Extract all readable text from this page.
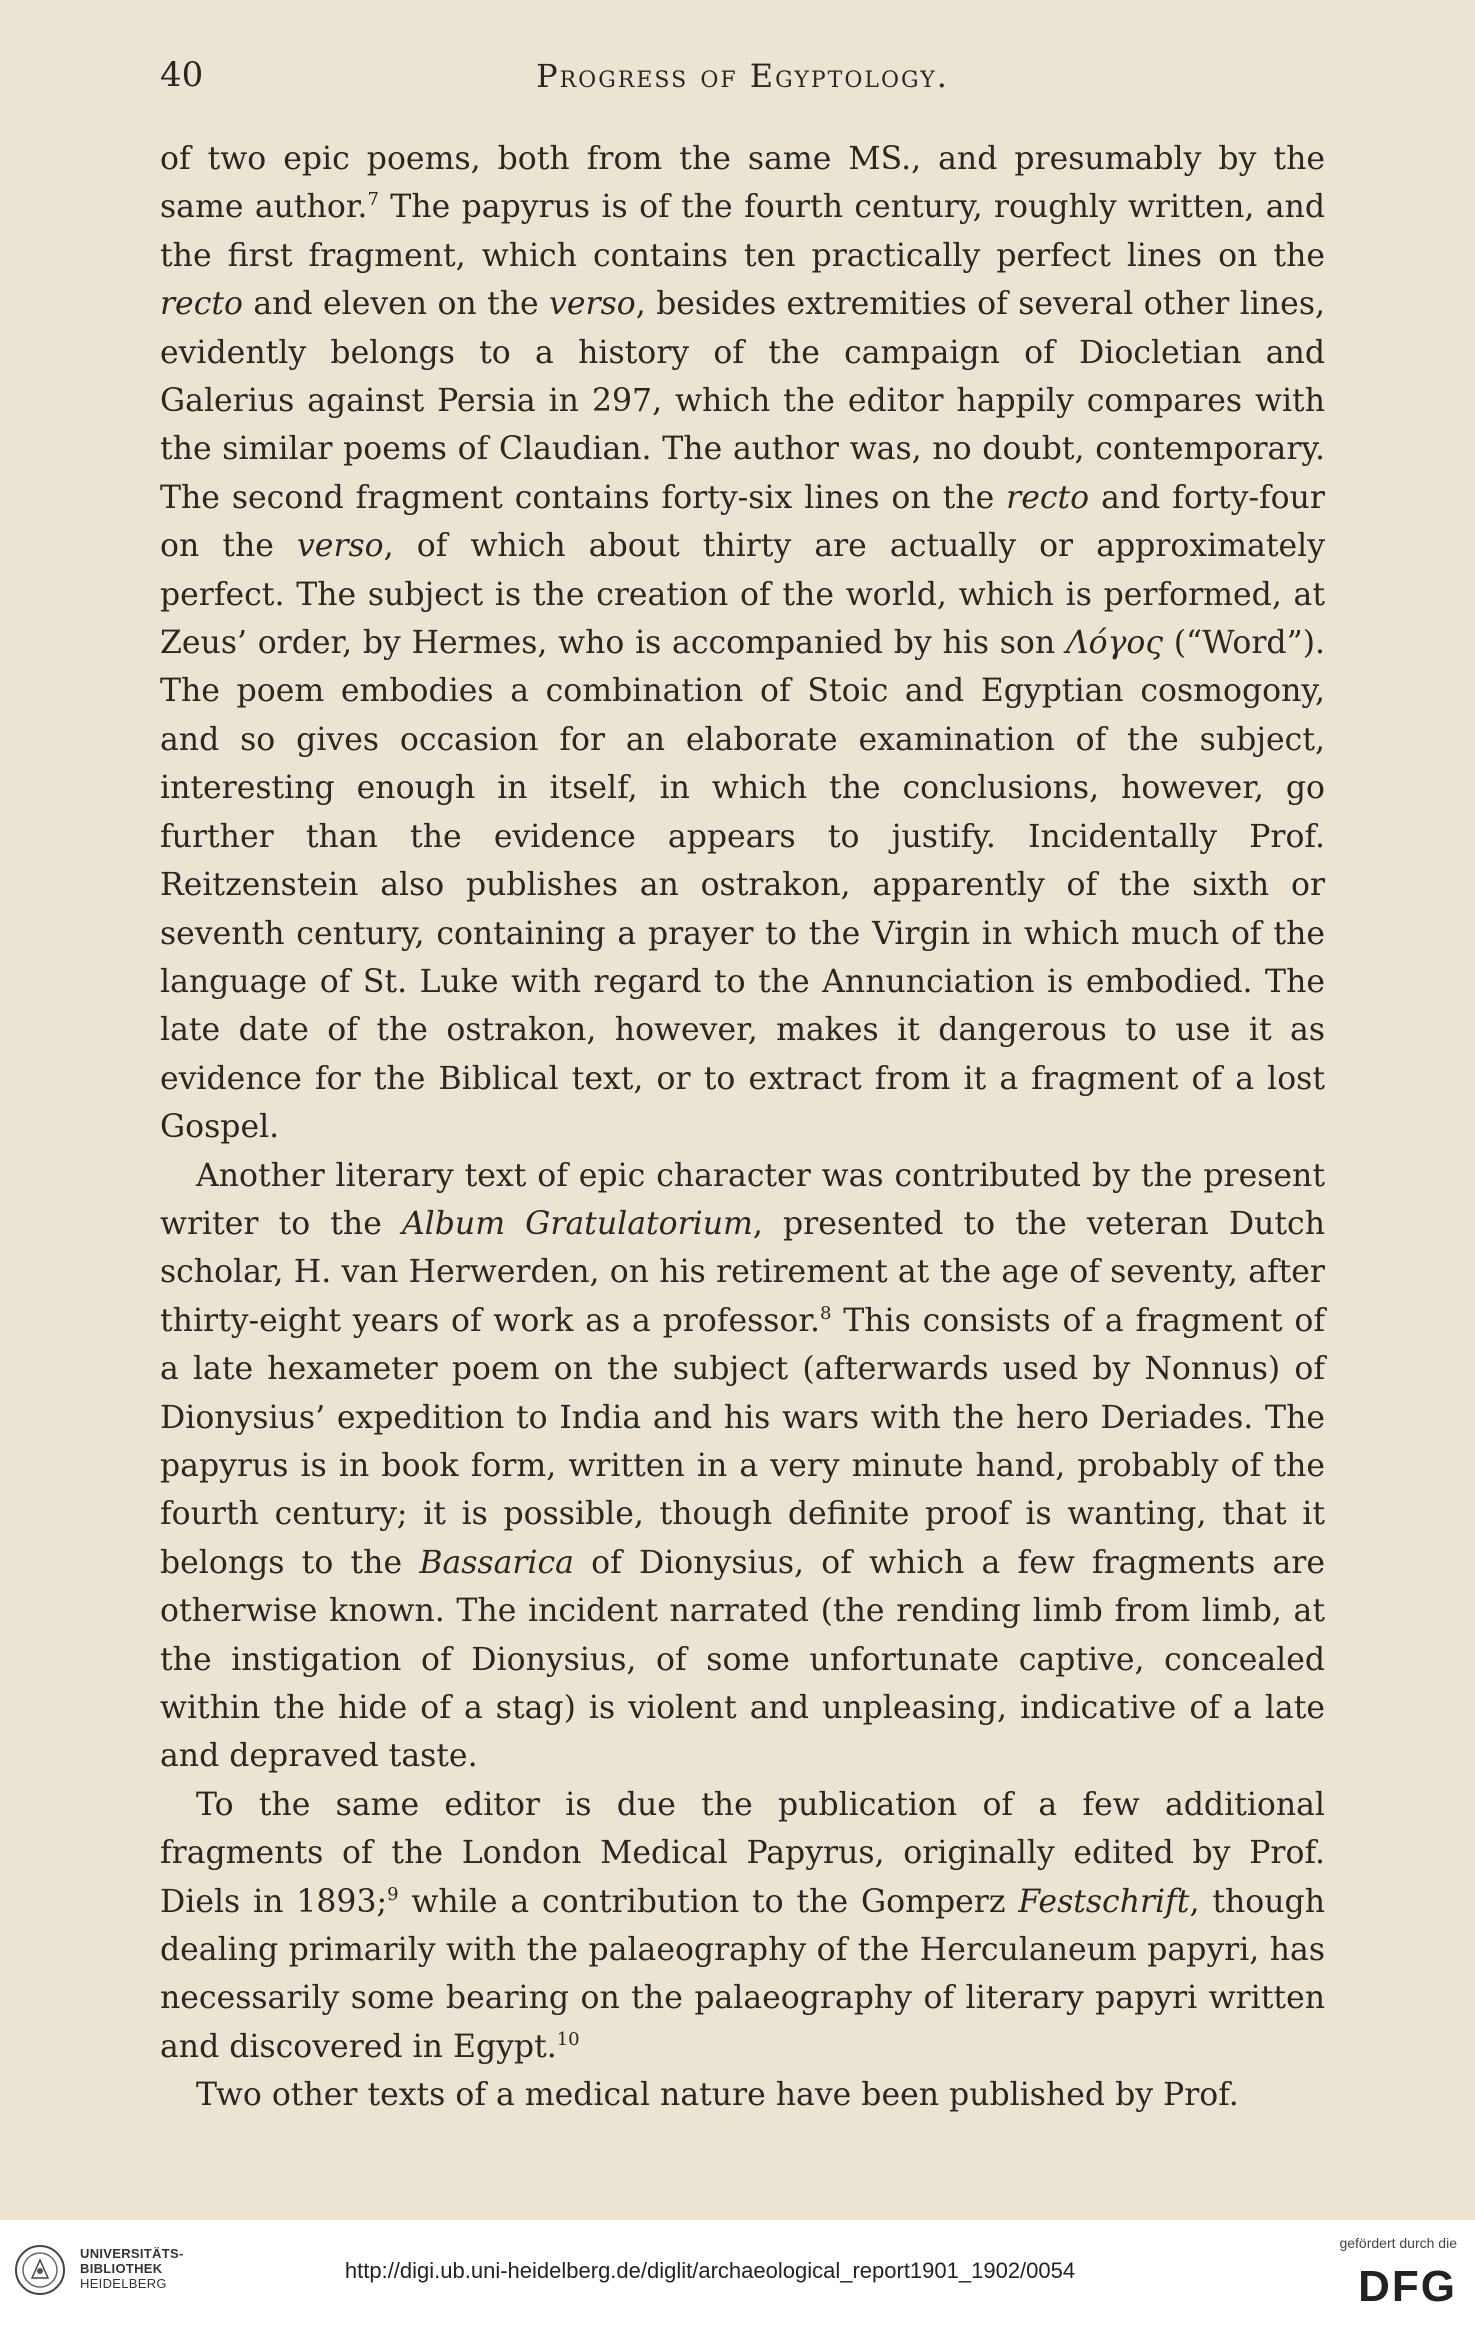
40	Progress of Egyptology.

of two epic poems, both from the same MS., and presumably by the same author.$^7$ The papyrus is of the fourth century, roughly written, and the first fragment, which contains ten practically perfect lines on the recto and eleven on the verso, besides extremities of several other lines, evidently belongs to a history of the campaign of Diocletian and Galerius against Persia in 297, which the editor happily compares with the similar poems of Claudian. The author was, no doubt, contemporary. The second fragment contains forty-six lines on the recto and forty-four on the verso, of which about thirty are actually or approximately perfect. The subject is the creation of the world, which is performed, at Zeus’ order, by Hermes, who is accompanied by his son Λόγος (“Word”). The poem embodies a combination of Stoic and Egyptian cosmogony, and so gives occasion for an elaborate examination of the subject, interesting enough in itself, in which the conclusions, however, go further than the evidence appears to justify. Incidentally Prof. Reitzenstein also publishes an ostrakon, apparently of the sixth or seventh century, containing a prayer to the Virgin in which much of the language of St. Luke with regard to the Annunciation is embodied. The late date of the ostrakon, however, makes it dangerous to use it as evidence for the Biblical text, or to extract from it a fragment of a lost Gospel.

Another literary text of epic character was contributed by the present writer to the Album Gratulatorium, presented to the veteran Dutch scholar, H. van Herwerden, on his retirement at the age of seventy, after thirty-eight years of work as a professor.$^8$ This consists of a fragment of a late hexameter poem on the subject (afterwards used by Nonnus) of Dionysius’ expedition to India and his wars with the hero Deriades. The papyrus is in book form, written in a very minute hand, probably of the fourth century; it is possible, though definite proof is wanting, that it belongs to the Bassarica of Dionysius, of which a few fragments are otherwise known. The incident narrated (the rending limb from limb, at the instigation of Dionysius, of some unfortunate captive, concealed within the hide of a stag) is violent and unpleasing, indicative of a late and depraved taste.

To the same editor is due the publication of a few additional fragments of the London Medical Papyrus, originally edited by Prof. Diels in 1893;$^9$ while a contribution to the Gomperz Festschrift, though dealing primarily with the palaeography of the Herculaneum papyri, has necessarily some bearing on the palaeography of literary papyri written and discovered in Egypt.$^{10}$

Two other texts of a medical nature have been published by Prof.

UNIVERSITÄTS-
BIBLIOTHEK
HEIDELBERG
http://digi.ub.uni-heidelberg.de/diglit/archaeological_report1901_1902/0054
gefördert durch die
DFG
